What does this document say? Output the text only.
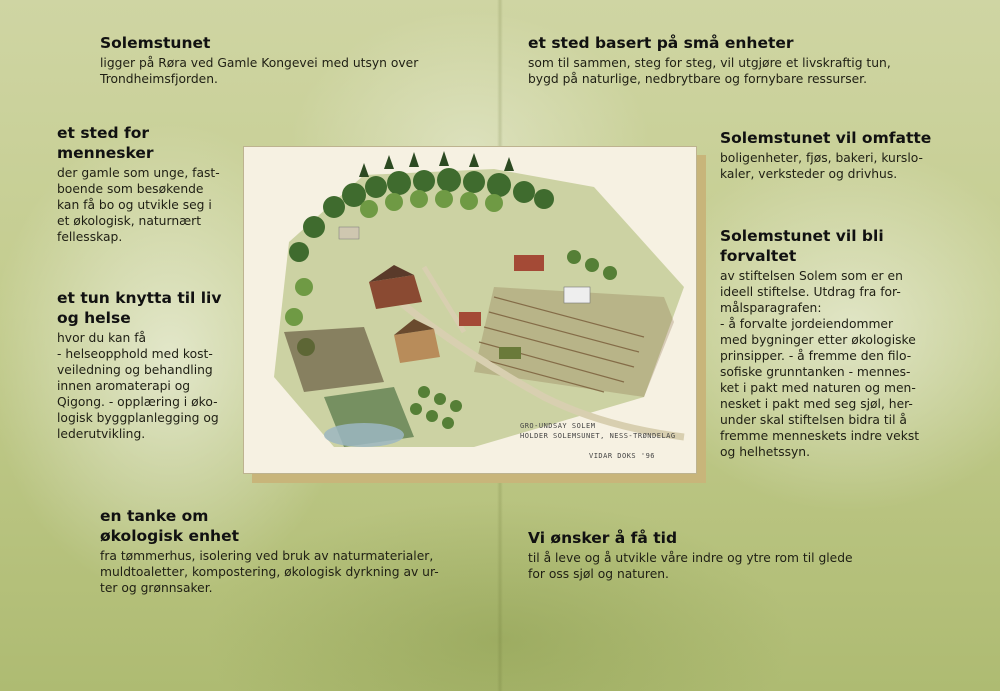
Solemstunet

ligger på Røra ved Gamle Kongevei med utsyn over
Trondheimsfjorden.

et sted for
mennesker

der gamle som unge, fast-
boende som besøkende
kan få bo og utvikle seg i
et økologisk, naturnært
fellesskap.

et tun knytta til liv
og helse

hvor du kan få
- helseopphold med kost-
veiledning og behandling
innen aromaterapi og
Qigong. - opplæring i øko-
logisk byggplanlegging og
lederutvikling.

en tanke om
økologisk enhet

fra tømmerhus, isolering ved bruk av naturmaterialer,
muldtoaletter, kompostering, økologisk dyrkning av ur-
ter og grønnsaker.

et sted basert på små enheter

som til sammen, steg for steg, vil utgjøre et livskraftig tun,
bygd på naturlige, nedbrytbare og fornybare ressurser.

Solemstunet vil omfatte

boligenheter, fjøs, bakeri, kurslo-
kaler, verksteder og drivhus.

Solemstunet vil bli
forvaltet

av stiftelsen Solem som er en
ideell stiftelse. Utdrag fra for-
målsparagrafen:
- å forvalte jordeiendommer
med bygninger etter økologiske
prinsipper. - å fremme den filo-
sofiske grunntanken - mennes-
ket i pakt med naturen og men-
nesket i pakt med seg sjøl, her-
under skal stiftelsen bidra til å
fremme menneskets indre vekst
og helhetssyn.

Vi ønsker å få tid

til å leve og å utvikle våre indre og ytre rom til glede
for oss sjøl og naturen.

GRO-UNDSAY SOLEM
HOLDER SOLEMSUNET, NESS-TRØNDELAG
VIDAR DOKS '96
